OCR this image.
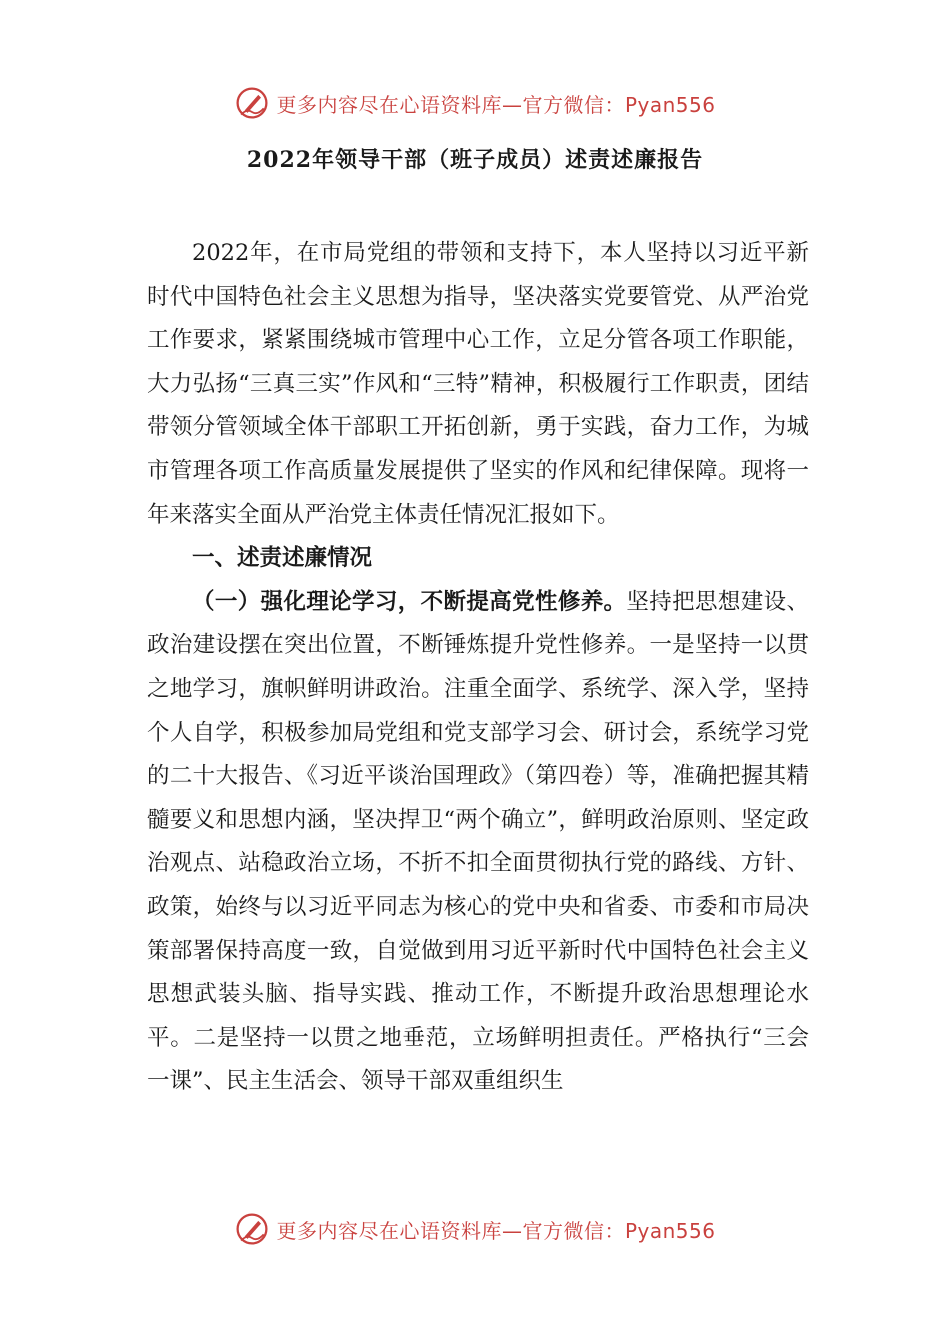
更多内容尽在心语资料库—官方微信：Pyan556
2022年领导干部（班子成员）述责述廉报告

2022年，在市局党组的带领和支持下，本人坚持以习近平新时代中国特色社会主义思想为指导，坚决落实党要管党、从严治党工作要求，紧紧围绕城市管理中心工作，立足分管各项工作职能，大力弘扬“三真三实”作风和“三特”精神，积极履行工作职责，团结带领分管领域全体干部职工开拓创新，勇于实践，奋力工作，为城市管理各项工作高质量发展提供了坚实的作风和纪律保障。现将一年来落实全面从严治党主体责任情况汇报如下。

一、述责述廉情况

（一）强化理论学习，不断提高党性修养。坚持把思想建设、政治建设摆在突出位置，不断锤炼提升党性修养。一是坚持一以贯之地学习，旗帜鲜明讲政治。注重全面学、系统学、深入学，坚持个人自学，积极参加局党组和党支部学习会、研讨会，系统学习党的二十大报告、《习近平谈治国理政》（第四卷）等，准确把握其精髓要义和思想内涵，坚决捍卫“两个确立”，鲜明政治原则、坚定政治观点、站稳政治立场，不折不扣全面贯彻执行党的路线、方针、政策，始终与以习近平同志为核心的党中央和省委、市委和市局决策部署保持高度一致，自觉做到用习近平新时代中国特色社会主义思想武装头脑、指导实践、推动工作，不断提升政治思想理论水平。二是坚持一以贯之地垂范，立场鲜明担责任。严格执行“三会一课”、民主生活会、领导干部双重组织生

更多内容尽在心语资料库—官方微信：Pyan556
